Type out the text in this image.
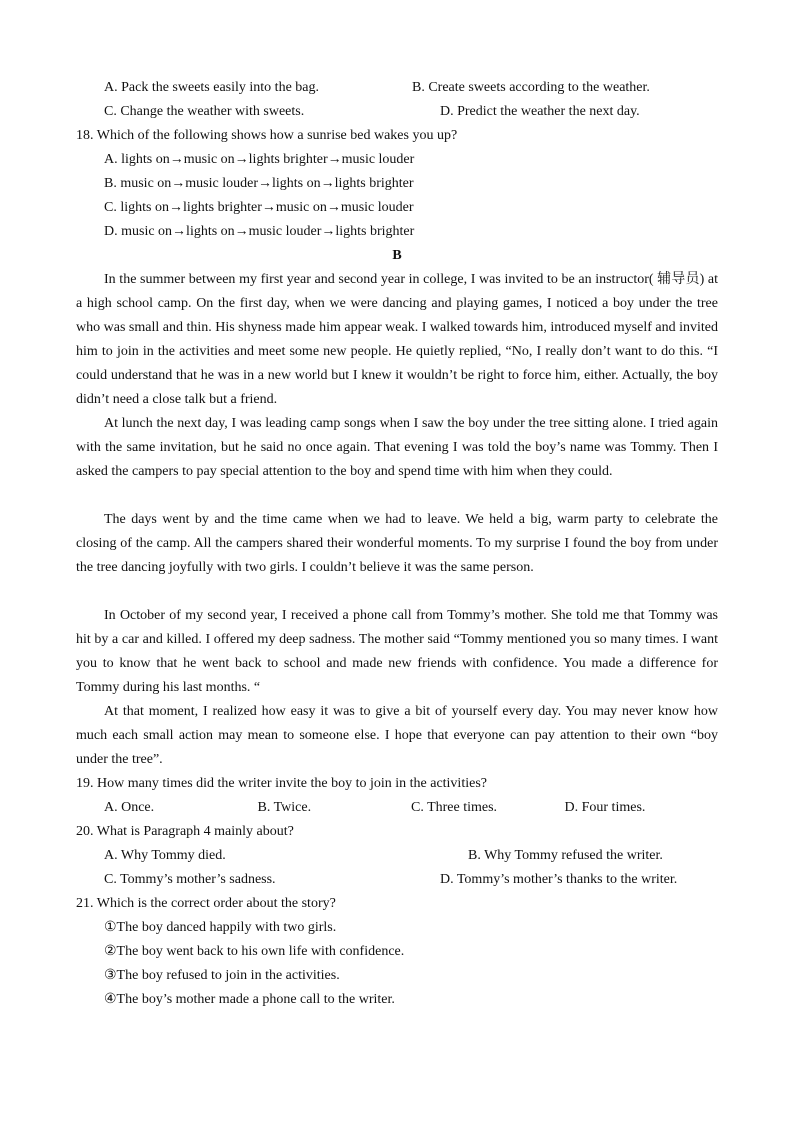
A. Pack the sweets easily into the bag.	B. Create sweets according to the weather.
C. Change the weather with sweets.	D. Predict the weather the next day.
18. Which of the following shows how a sunrise bed wakes you up?
A. lights on→music on→lights brighter→music louder
B. music on→music louder→lights on→lights brighter
C. lights on→lights brighter→music on→music louder
D. music on→lights on→music louder→lights brighter
B

In the summer between my first year and second year in college, I was invited to be an instructor( 辅导员) at a high school camp. On the first day, when we were dancing and playing games, I noticed a boy under the tree who was small and thin. His shyness made him appear weak. I walked towards him, introduced myself and invited him to join in the activities and meet some new people. He quietly replied, “No, I really don’t want to do this. “I could understand that he was in a new world but I knew it wouldn’t be right to force him, either. Actually, the boy didn’t need a close talk but a friend.

At lunch the next day, I was leading camp songs when I saw the boy under the tree sitting alone. I tried again with the same invitation, but he said no once again. That evening I was told the boy’s name was Tommy. Then I asked the campers to pay special attention to the boy and spend time with him when they could.

The days went by and the time came when we had to leave. We held a big, warm party to celebrate the closing of the camp. All the campers shared their wonderful moments. To my surprise I found the boy from under the tree dancing joyfully with two girls. I couldn’t believe it was the same person.

In October of my second year, I received a phone call from Tommy’s mother. She told me that Tommy was hit by a car and killed. I offered my deep sadness. The mother said “Tommy mentioned you so many times. I want you to know that he went back to school and made new friends with confidence. You made a difference for Tommy during his last months. “

At that moment, I realized how easy it was to give a bit of yourself every day. You may never know how much each small action may mean to someone else. I hope that everyone can pay attention to their own “boy under the tree”.

19. How many times did the writer invite the boy to join in the activities?
A. Once.	B. Twice.	C. Three times.	D. Four times.
20. What is Paragraph 4 mainly about?
A. Why Tommy died.	B. Why Tommy refused the writer.
C. Tommy’s mother’s sadness.	D. Tommy’s mother’s thanks to the writer.
21. Which is the correct order about the story?
①The boy danced happily with two girls.
②The boy went back to his own life with confidence.
③The boy refused to join in the activities.
④The boy’s mother made a phone call to the writer.
